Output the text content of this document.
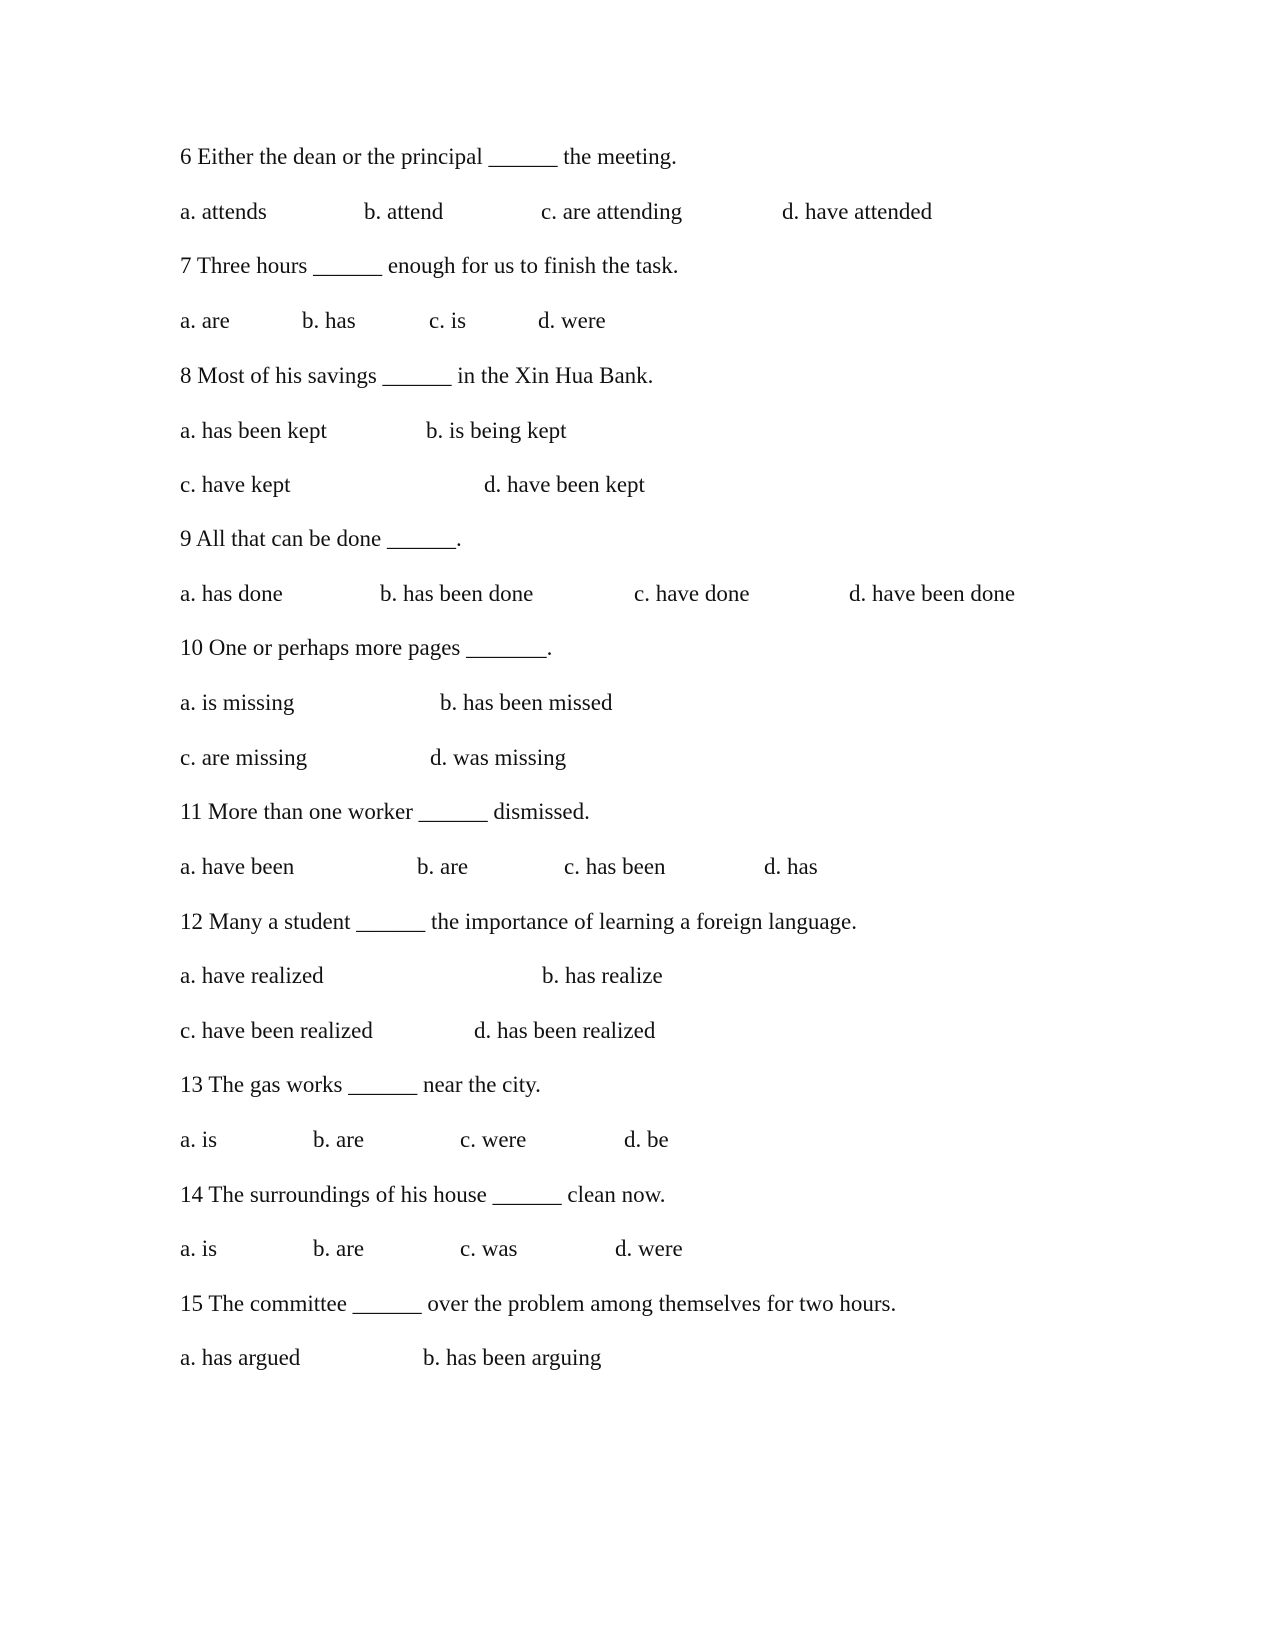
6 Either the dean or the principal ______ the meeting.
a. attends	b. attend	c. are attending	d. have attended
7 Three hours ______ enough for us to finish the task.
a. are	b. has	c. is	d. were
8 Most of his savings ______ in the Xin Hua Bank.
a. has been kept	b. is being kept
c. have kept	d. have been kept
9 All that can be done ______.
a. has done	b. has been done	c. have done	d. have been done
10 One or perhaps more pages _______.
a. is missing	b. has been missed
c. are missing	d. was missing
11 More than one worker ______ dismissed.
a. have been	b. are	c. has been	d. has
12 Many a student ______ the importance of learning a foreign language.
a. have realized	b. has realize
c. have been realized	d. has been realized
13 The gas works ______ near the city.
a. is	b. are	c. were	d. be
14 The surroundings of his house ______ clean now.
a. is	b. are	c. was	d. were
15 The committee ______ over the problem among themselves for two hours.
a. has argued	b. has been arguing
